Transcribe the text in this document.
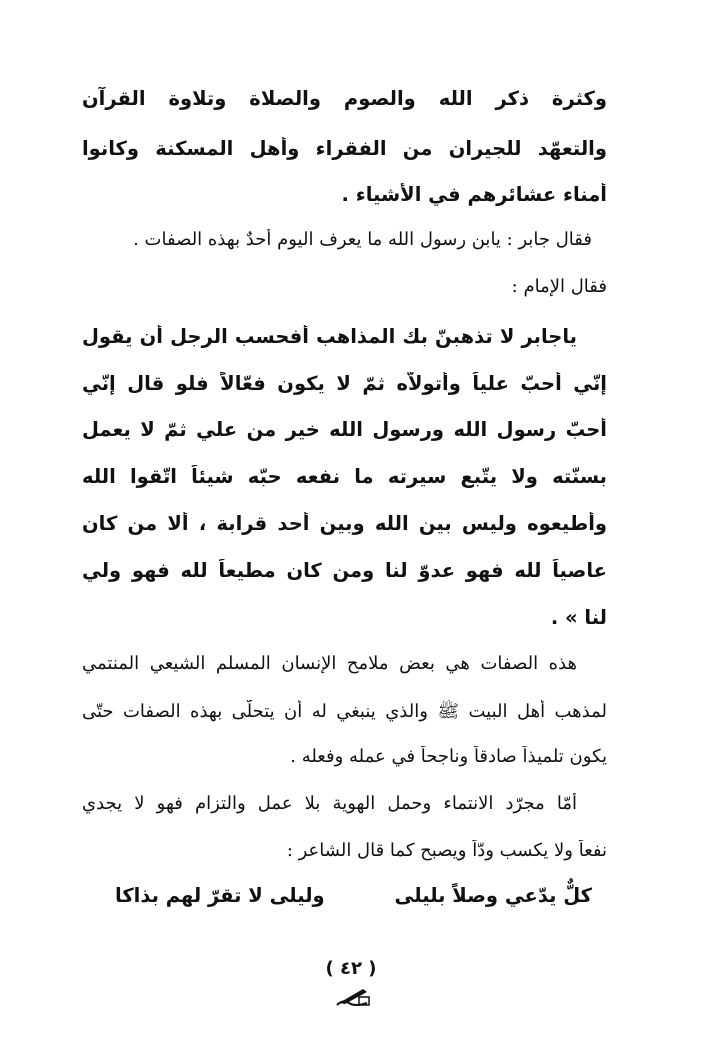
وكثرة ذكر الله والصوم والصلاة وتلاوة القرآن
والتعهّد للجيران من الفقراء وأهل المسكنة وكانوا
أُمناء عشائرهم في الأشياء .
فقال جابر : يابن رسول الله ما يعرف اليوم أحدٌ بهذه الصفات .
فقال الإمام :
ياجابر لا تذهبنّ بك المذاهب أفحسب الرجل أن يقول
إنّي أُحبّ علياً وأتولاّه ثمّ لا يكون فعّالاً فلو قال إنّي
أُحبّ رسول الله ورسول الله خير من علي ثمّ لا يعمل
بسنّته ولا يتّبع سيرته ما نفعه حبّه شيئاً اتّقوا الله
وأطيعوه وليس بين الله وبين أحد قرابة ، ألا من كان
عاصياً لله فهو عدوّ لنا ومن كان مطيعاً لله فهو ولي
لنا » .
هذه الصفات هي بعض ملامح الإنسان المسلم الشيعي المنتمي
لمذهب أهل البيت ﷺ والذي ينبغي له أن يتحلّى بهذه الصفات حتّى
يكون تلميذاً صادقاً وناجحاً في عمله وفعله .
أمّا مجرّد الانتماء وحمل الهوية بلا عمل والتزام فهو لا يجدي
نفعاً ولا يكسب ودّاً ويصبح كما قال الشاعر :
كلٌّ يدّعي وصلاً بليلى
وليلى لا تقرّ لهم بذاكا
( ٤٢ )
